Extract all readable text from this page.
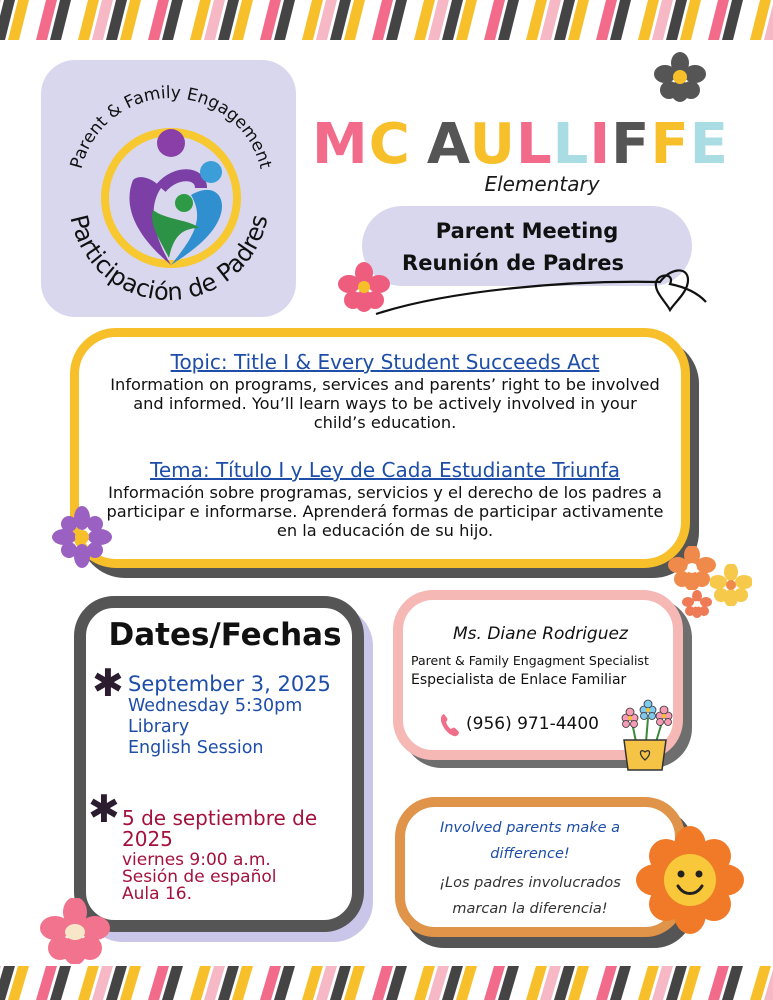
Parent & Family Engagement
Participación de Padres
MC AULLIFFE
Elementary
Parent Meeting
Reunión de Padres
Topic: Title I & Every Student Succeeds Act
Information on programs, services and parents’ right to be involved and informed. You’ll learn ways to be actively involved in your child’s education.
Tema: Título I y Ley de Cada Estudiante Triunfa
Información sobre programas, servicios y el derecho de los padres a participar e informarse. Aprenderá formas de participar activamente en la educación de su hijo.
Dates/Fechas
✱ September 3, 2025
Wednesday 5:30pm
Library
English Session
✱ 5 de septiembre de 2025
viernes 9:00 a.m.
Sesión de español
Aula 16.
Ms. Diane Rodriguez
Parent & Family Engagment Specialist
Especialista de Enlace Familiar
(956) 971-4400
Involved parents make a
difference!
¡Los padres involucrados
marcan la diferencia!
